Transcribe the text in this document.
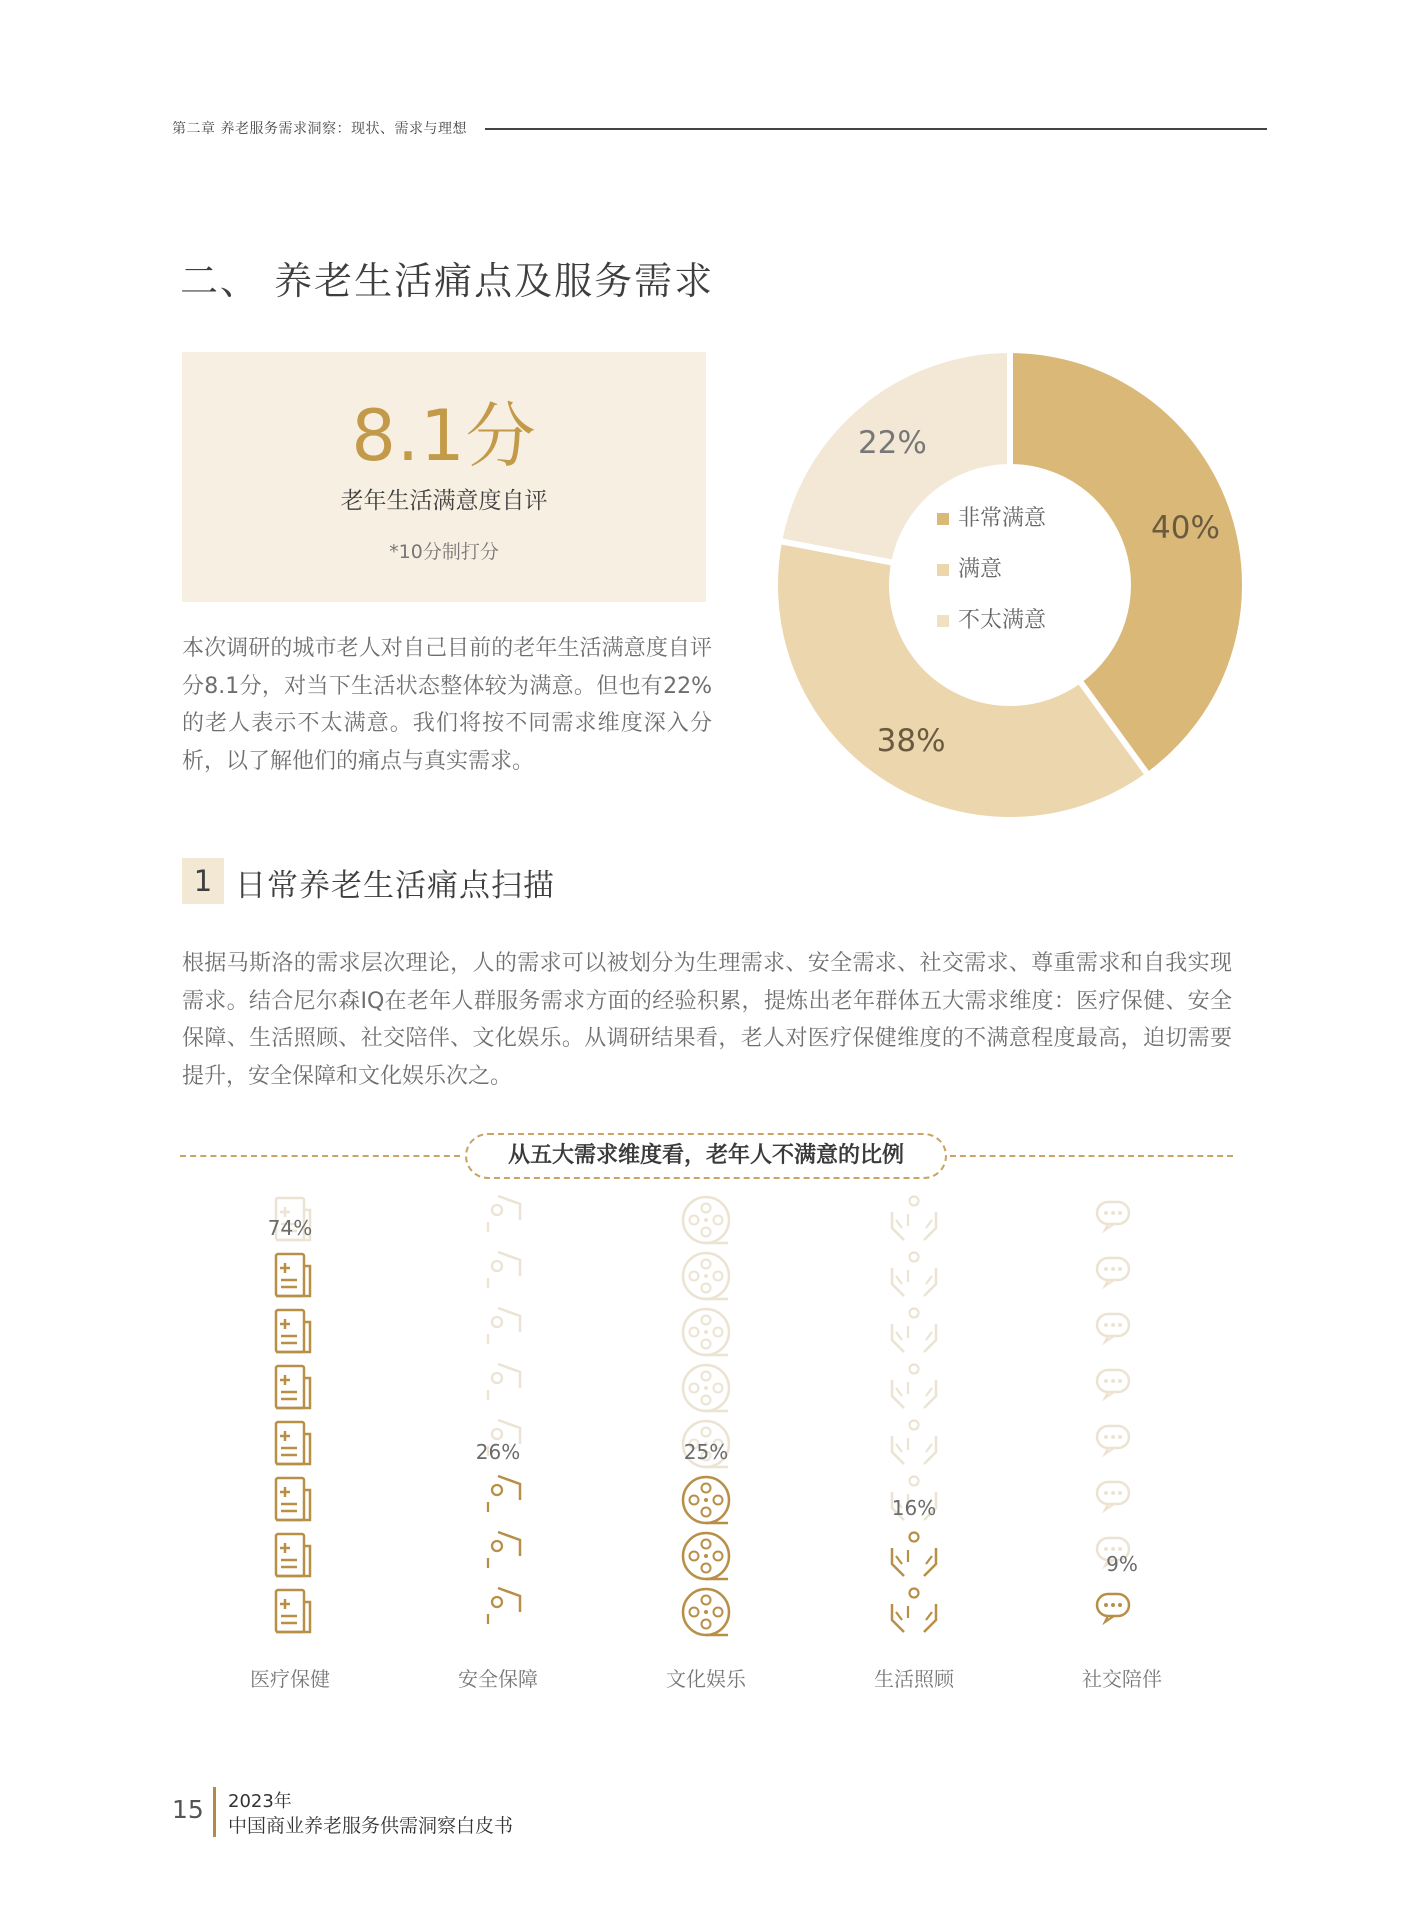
第二章 养老服务需求洞察：现状、需求与理想
二、 养老生活痛点及服务需求
8.1分
老年生活满意度自评
*10分制打分
本次调研的城市老人对自己目前的老年生活满意度自评分8.1分，对当下生活状态整体较为满意。但也有22%的老人表示不太满意。我们将按不同需求维度深入分析，以了解他们的痛点与真实需求。
40%
38%
22%
非常满意
满意
不太满意
1 日常养老生活痛点扫描
根据马斯洛的需求层次理论，人的需求可以被划分为生理需求、安全需求、社交需求、尊重需求和自我实现需求。结合尼尔森IQ在老年人群服务需求方面的经验积累，提炼出老年群体五大需求维度：医疗保健、安全保障、生活照顾、社交陪伴、文化娱乐。从调研结果看，老人对医疗保健维度的不满意程度最高，迫切需要提升，安全保障和文化娱乐次之。
从五大需求维度看，老年人不满意的比例
74%
医疗保健
26%
安全保障
25%
文化娱乐
16%
生活照顾
9%
社交陪伴
15 2023年
中国商业养老服务供需洞察白皮书
